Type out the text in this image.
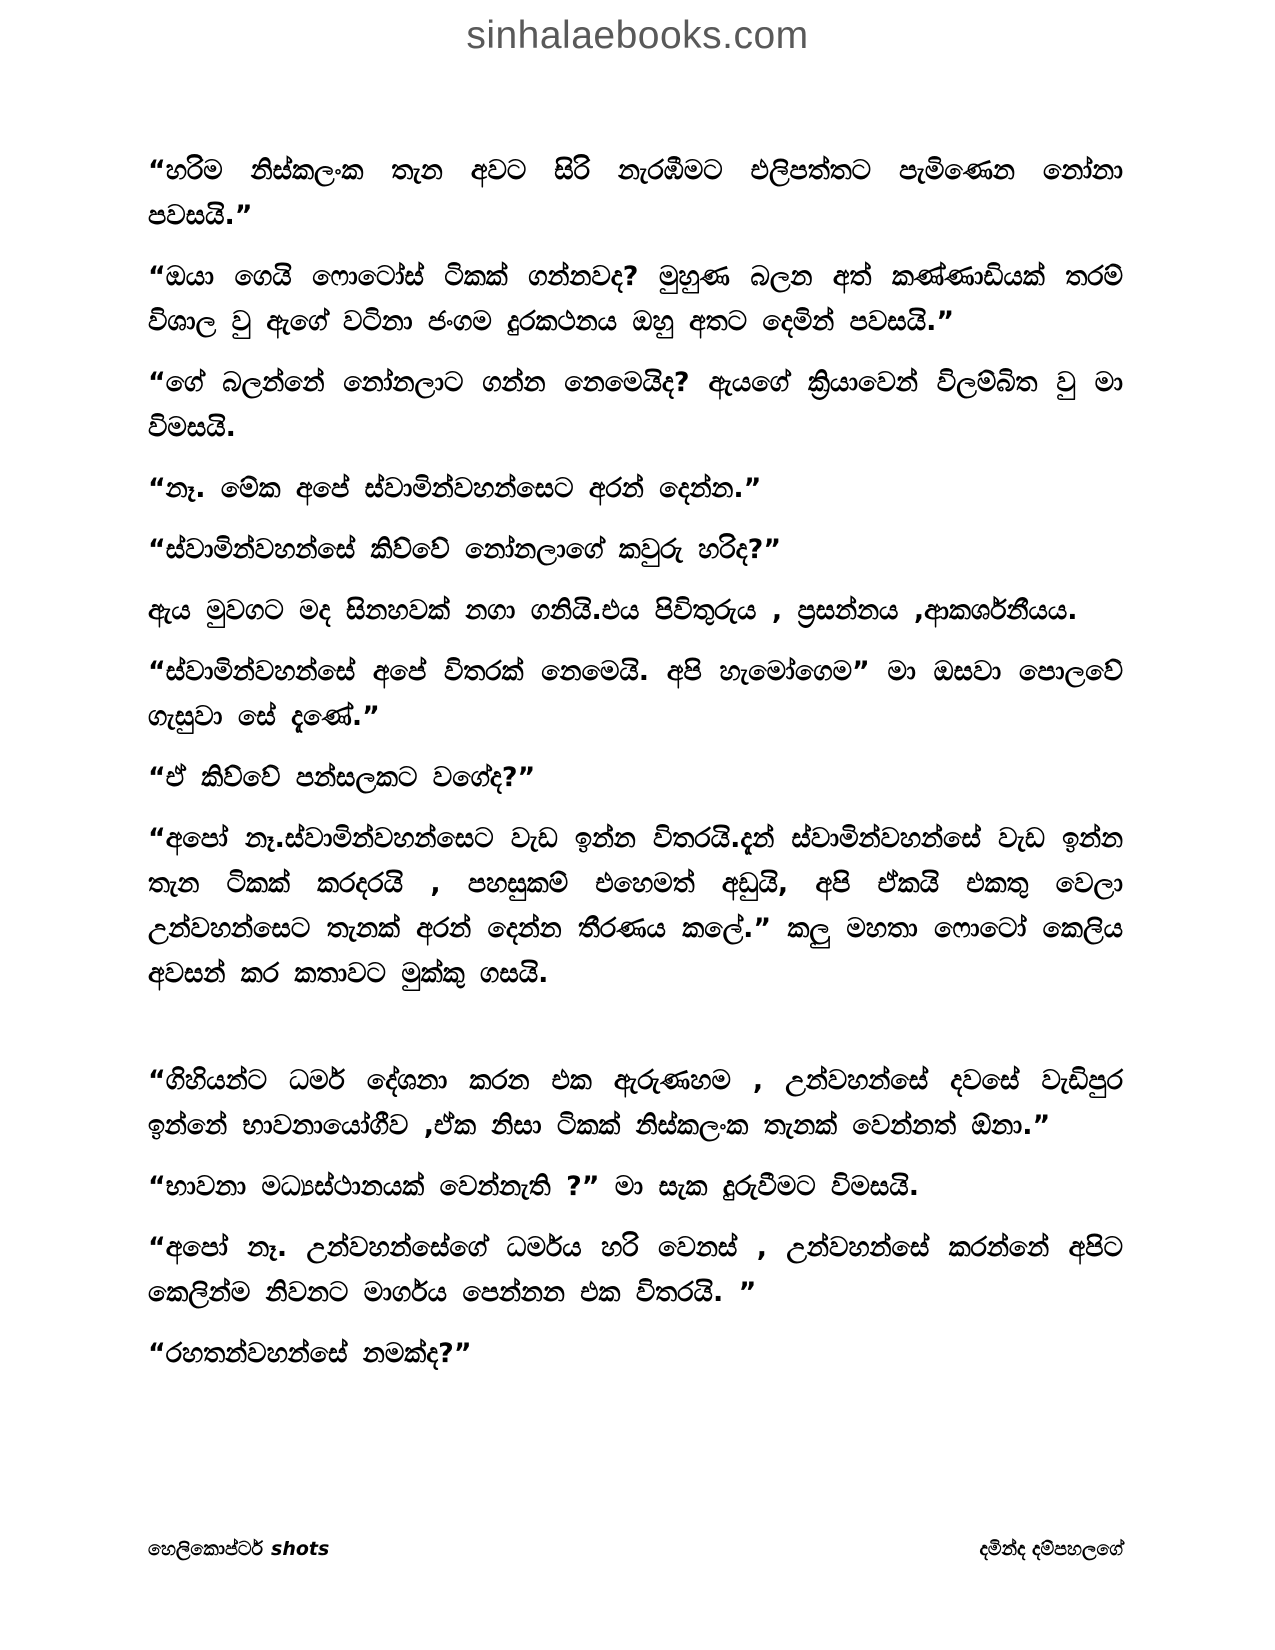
sinhalaebooks.com

“හරිම නිස්කලංක තැන අවට සිරි නැරඹීමට එලිපත්තට පැමිණෙන නෝනා පවසයි.”

“ඔයා ගෙයි ෆොටෝස් ටිකක් ගන්නවද? මුහුණ බලන අත් කණ්ණාඩියක් තරම් විශාල වු ඇගේ වටිනා ජංගම දුරකථනය ඔහු අතට දෙමින් පවසයි.”

“ගේ බලන්නේ නෝනලාට ගන්න නෙමෙයිද? ඇයගේ ක්‍රියාවෙන් විලම්බිත වු මා විමසයි.

“නෑ. මේක අපේ ස්වාමින්වහන්සෙට අරන් දෙන්න.”

“ස්වාමින්වහන්සේ කිව්වේ නෝනලාගේ කවුරු හරිද?”

ඇය මුවගට මද සිනහවක් නගා ගනියි.එය පිවිතුරුය , ප්‍රසන්නය ,ආකර්ශනීයය.

“ස්වාමින්වහන්සේ අපේ විතරක් නෙමෙයි. අපි හැමෝගෙම” මා ඔසවා පොලවේ ගැසුවා සේ දැණේ.”

“ඒ කිව්වේ පන්සලකට වගේද?”

“අපෝ නෑ.ස්වාමින්වහන්සෙට වැඩ ඉන්න විතරයි.දැන් ස්වාමින්වහන්සේ වැඩ ඉන්න තැන ටිකක් කරදරයි , පහසුකම් එහෙමත් අඩුයි, අපි ඒකයි එකතු වෙලා උන්වහන්සෙට තැනක් අරන් දෙන්න තීරණය කලේ.” කලු මහතා ෆොටෝ කෙලිය අවසන් කර කතාවට මුක්කු ගසයි.

“ගිහියන්ට ධර්ම දේශනා කරන එක ඇරුණහම , උන්වහන්සේ දවසේ වැඩිපුර ඉන්නේ භාවනායෝගීව ,ඒක නිසා ටිකක් නිස්කලංක තැනක් වෙන්නත් ඕනා.”

“භාවනා මධ්‍යස්ථානයක් වෙන්නැති ?” මා සැක දුරුවීමට විමසයි.

“අපෝ නෑ. උන්වහන්සේගේ ධර්මය හරි වෙනස් , උන්වහන්සේ කරන්නේ අපිට කෙලින්ම නිවනට මාර්ගය පෙන්නන එක විතරයි. ”

“රහතන්වහන්සේ නමක්ද?”

හෙලිකොප්ටර් shots	දමින්ද දම්පහලගේ
